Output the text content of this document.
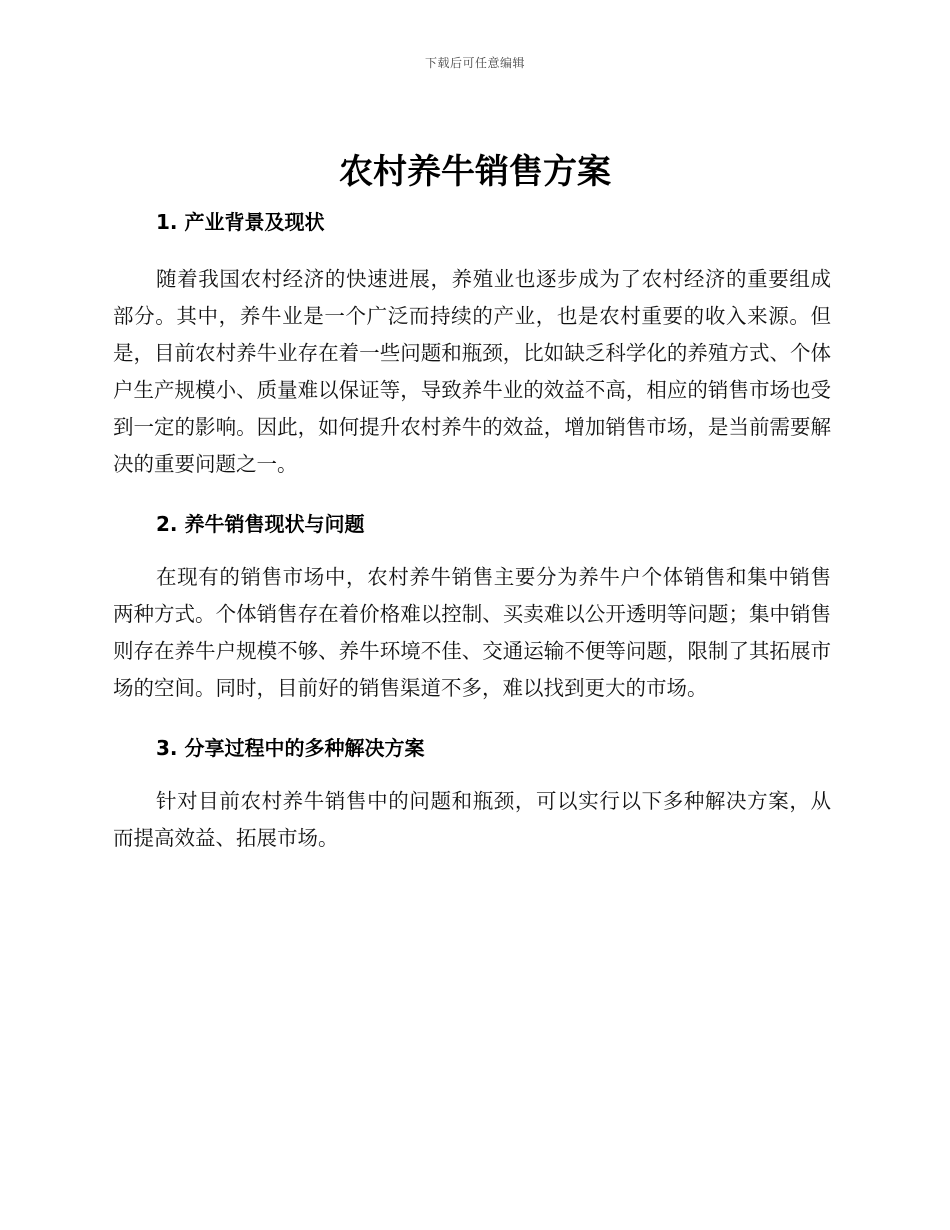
下载后可任意编辑
农村养牛销售方案
1. 产业背景及现状

随着我国农村经济的快速进展，养殖业也逐步成为了农村经济的重要组成部分。其中，养牛业是一个广泛而持续的产业，也是农村重要的收入来源。但是，目前农村养牛业存在着一些问题和瓶颈，比如缺乏科学化的养殖方式、个体户生产规模小、质量难以保证等，导致养牛业的效益不高，相应的销售市场也受到一定的影响。因此，如何提升农村养牛的效益，增加销售市场，是当前需要解决的重要问题之一。

2. 养牛销售现状与问题

在现有的销售市场中，农村养牛销售主要分为养牛户个体销售和集中销售两种方式。个体销售存在着价格难以控制、买卖难以公开透明等问题；集中销售则存在养牛户规模不够、养牛环境不佳、交通运输不便等问题，限制了其拓展市场的空间。同时，目前好的销售渠道不多，难以找到更大的市场。

3. 分享过程中的多种解决方案

针对目前农村养牛销售中的问题和瓶颈，可以实行以下多种解决方案，从而提高效益、拓展市场。
